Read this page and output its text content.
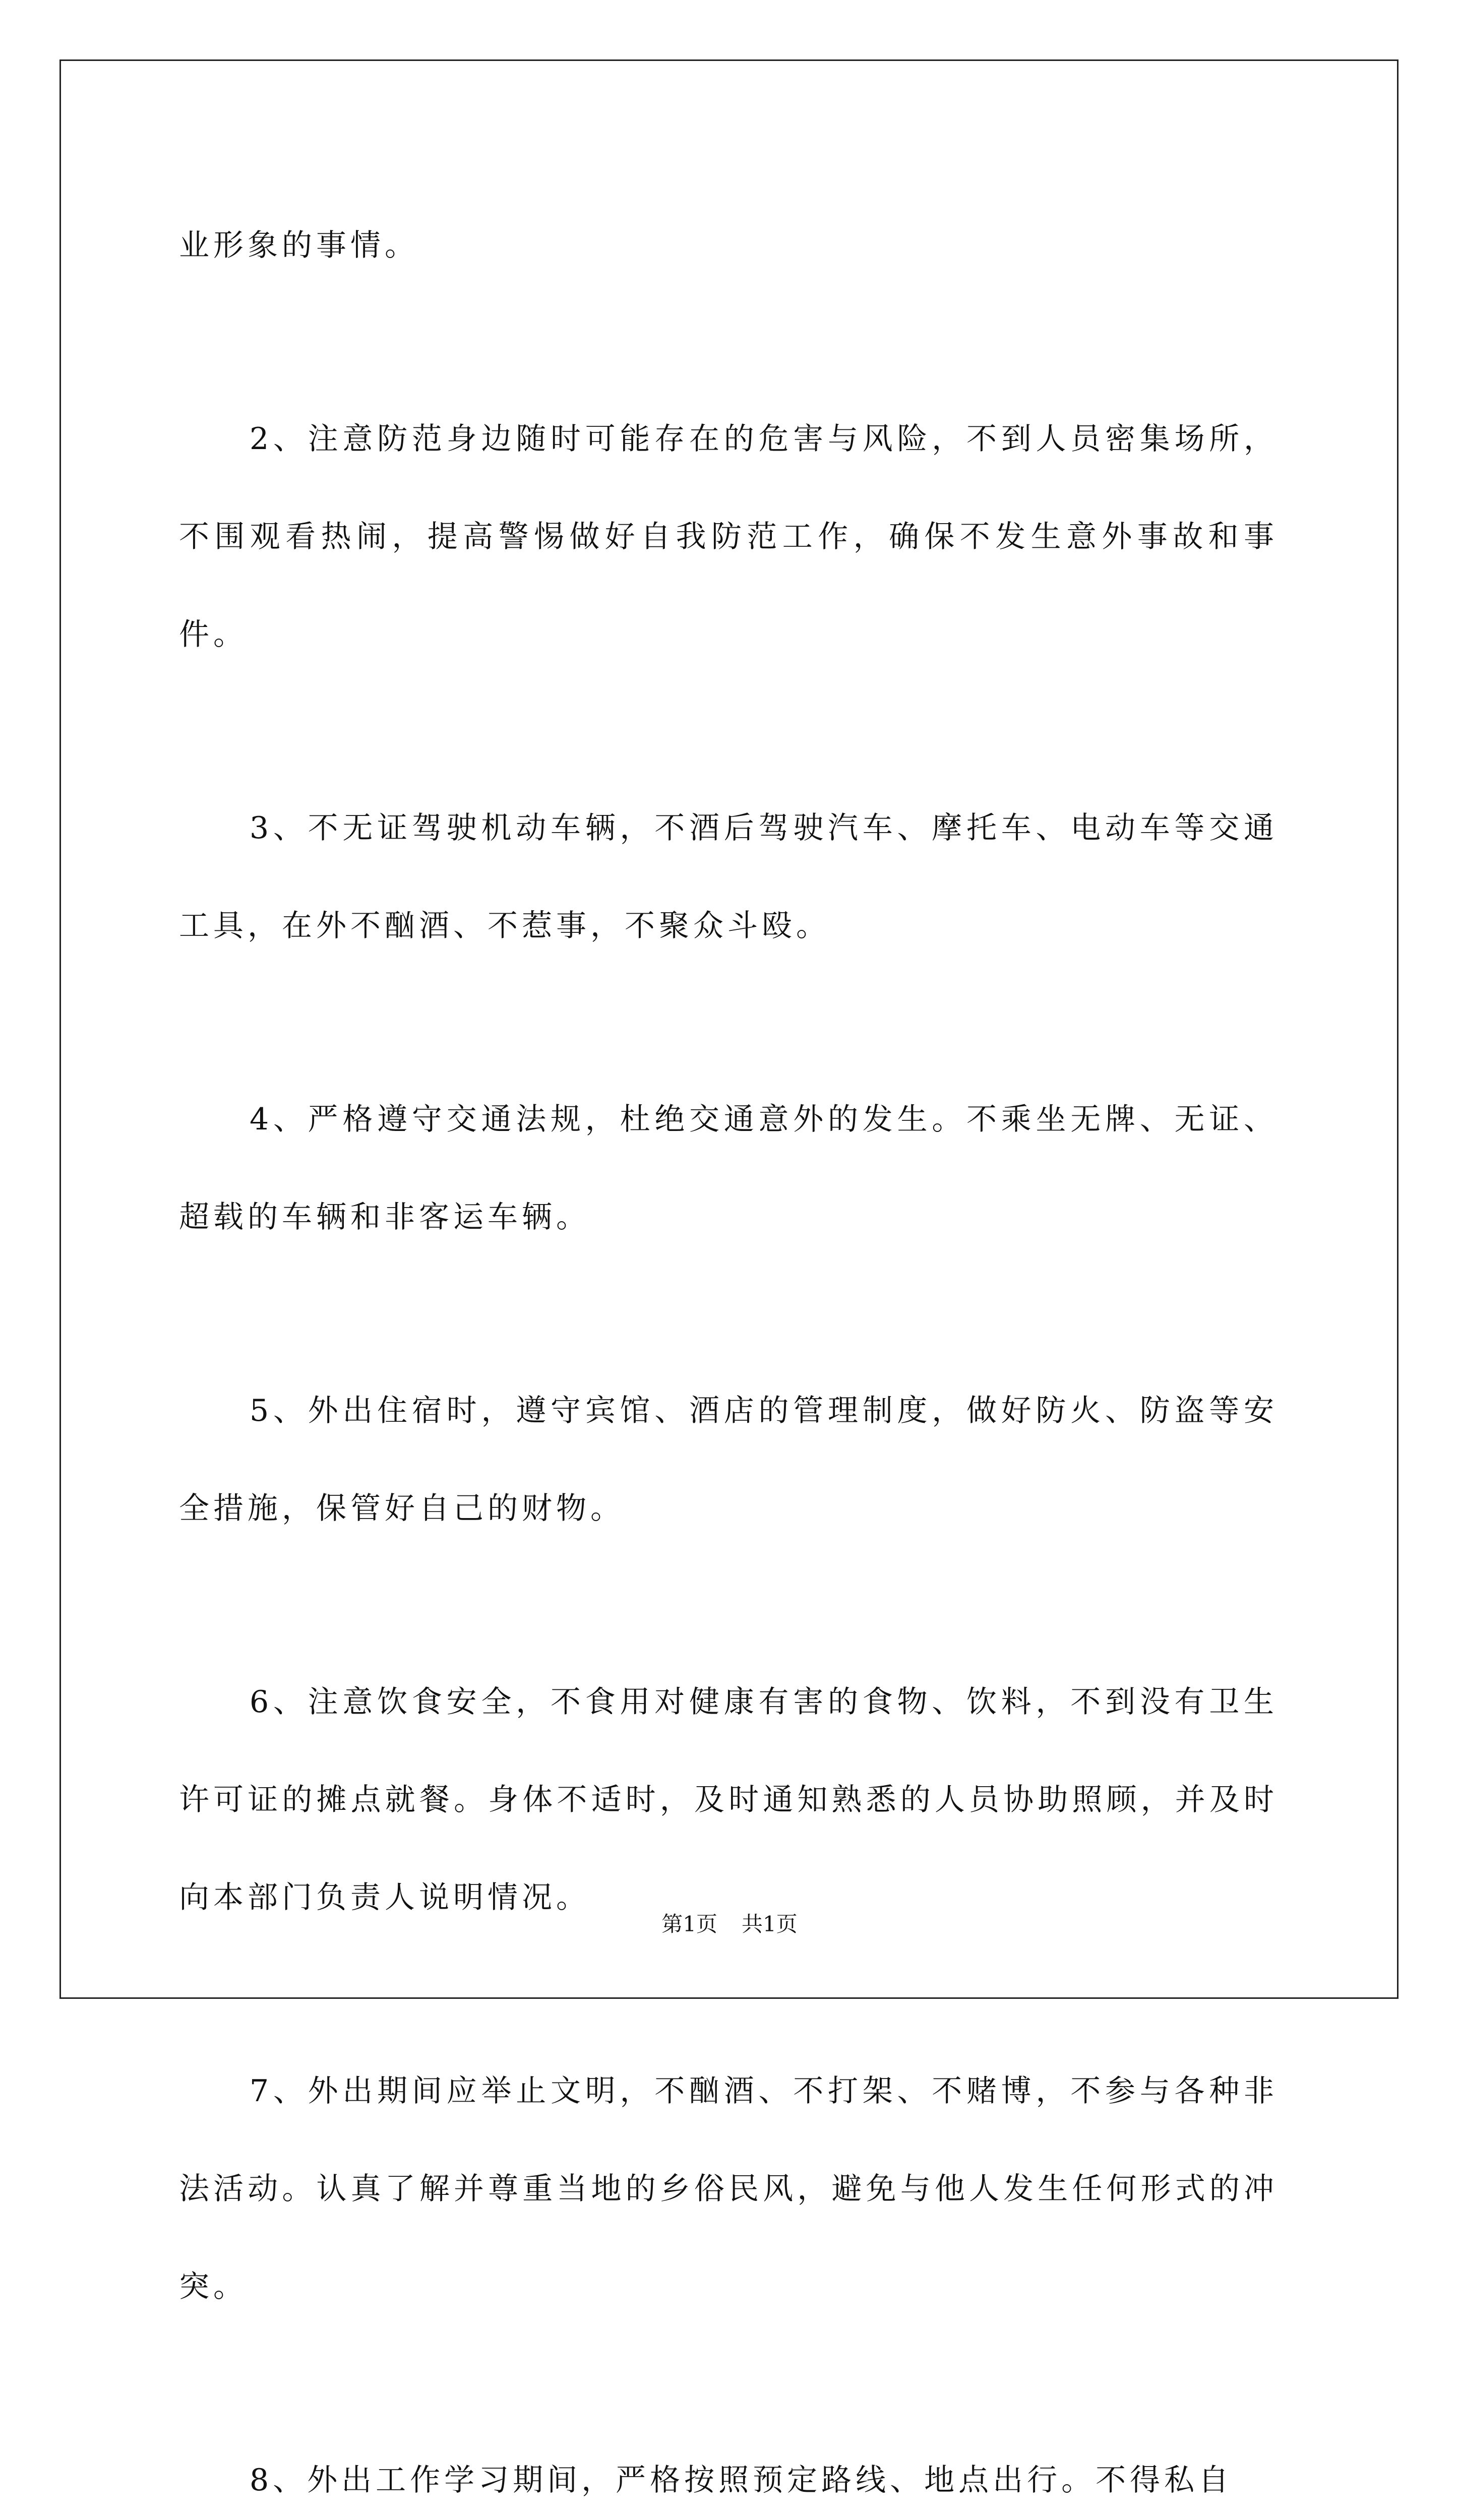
业形象的事情。

2、注意防范身边随时可能存在的危害与风险，不到人员密集场所，不围观看热闹，提高警惕做好自我防范工作，确保不发生意外事故和事件。

3、不无证驾驶机动车辆，不酒后驾驶汽车、摩托车、电动车等交通工具，在外不酗酒、不惹事，不聚众斗殴。

4、严格遵守交通法规，杜绝交通意外的发生。不乘坐无牌、无证、超载的车辆和非客运车辆。

5、外出住宿时，遵守宾馆、酒店的管理制度，做好防火、防盗等安全措施，保管好自己的财物。

6、注意饮食安全，不食用对健康有害的食物、饮料，不到没有卫生许可证的摊点就餐。身体不适时，及时通知熟悉的人员协助照顾，并及时向本部门负责人说明情况。

7、外出期间应举止文明，不酗酒、不打架、不赌博，不参与各种非法活动。认真了解并尊重当地的乡俗民风，避免与他人发生任何形式的冲突。

8、外出工作学习期间，严格按照预定路线、地点出行。不得私自

第1页 共1页
